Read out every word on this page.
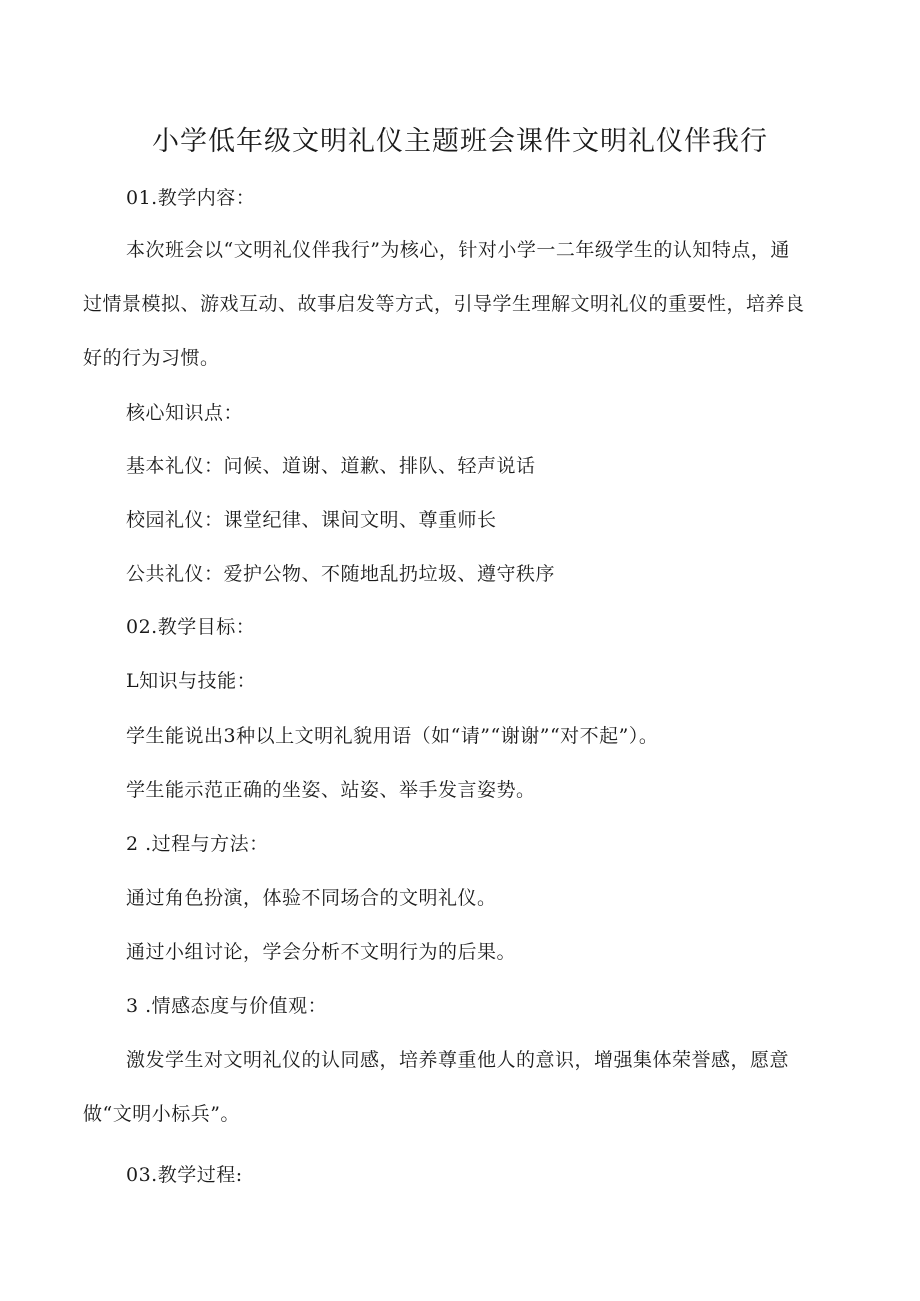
小学低年级文明礼仪主题班会课件文明礼仪伴我行
01.教学内容：
本次班会以“文明礼仪伴我行”为核心，针对小学一二年级学生的认知特点，通
过情景模拟、游戏互动、故事启发等方式，引导学生理解文明礼仪的重要性，培养良
好的行为习惯。
核心知识点：
基本礼仪：问候、道谢、道歉、排队、轻声说话
校园礼仪：课堂纪律、课间文明、尊重师长
公共礼仪：爱护公物、不随地乱扔垃圾、遵守秩序
02.教学目标：
L知识与技能：
学生能说出3种以上文明礼貌用语（如“请”“谢谢”“对不起”）。
学生能示范正确的坐姿、站姿、举手发言姿势。
2 .过程与方法：
通过角色扮演，体验不同场合的文明礼仪。
通过小组讨论，学会分析不文明行为的后果。
3 .情感态度与价值观：
激发学生对文明礼仪的认同感，培养尊重他人的意识，增强集体荣誉感，愿意
做“文明小标兵”。
03.教学过程:
